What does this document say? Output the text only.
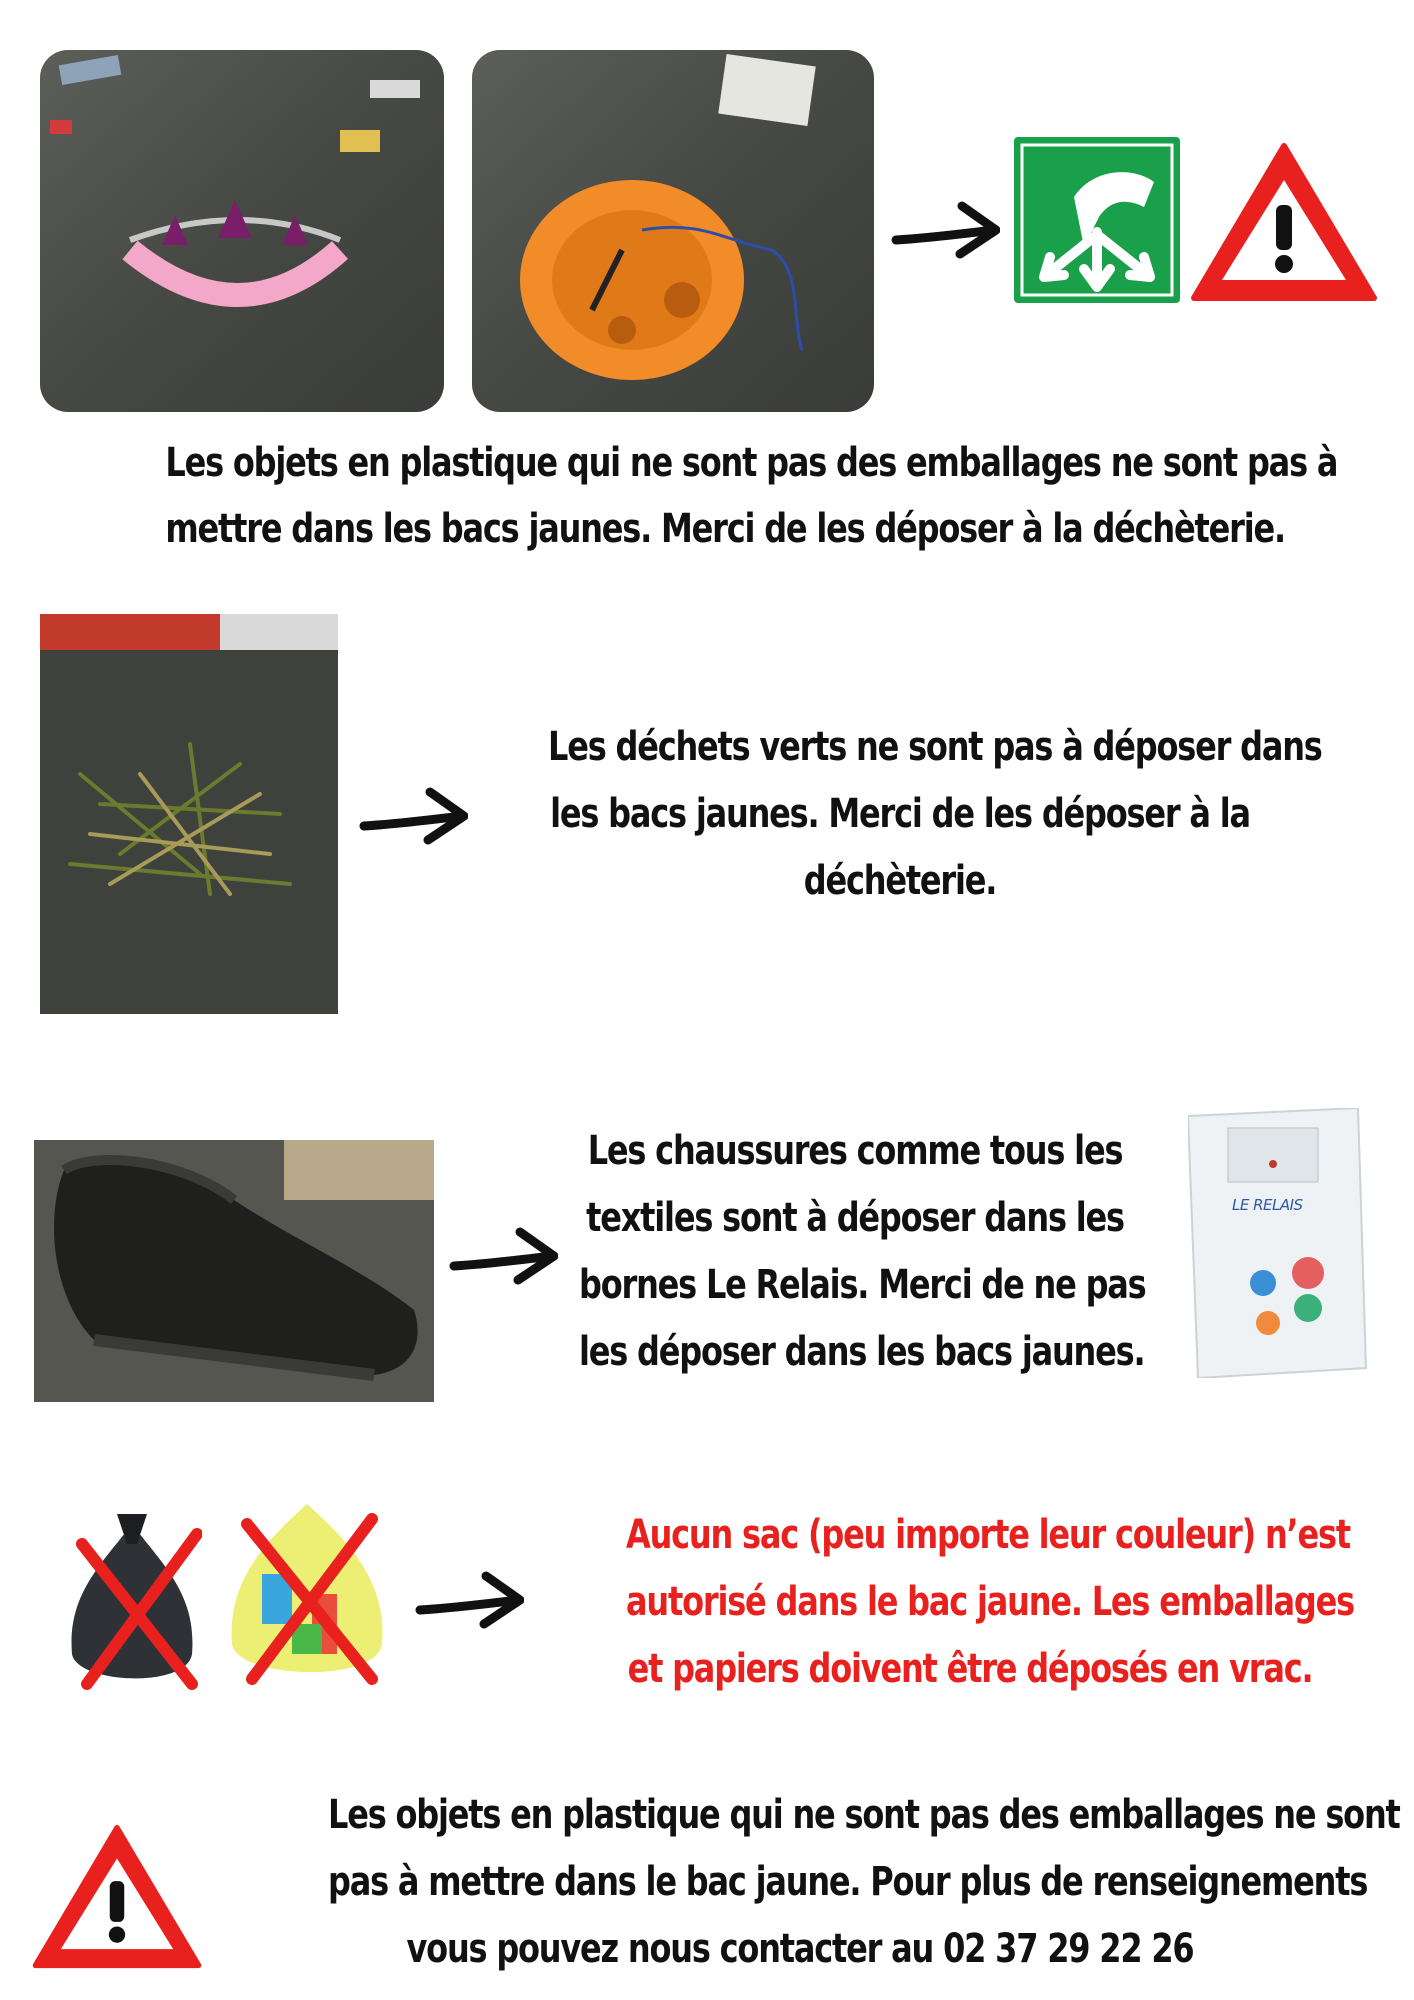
Les objets en plastique qui ne sont pas des emballages ne sont pas à
mettre dans les bacs jaunes. Merci de les déposer à la déchèterie.
Les déchets verts ne sont pas à déposer dans
les bacs jaunes. Merci de les déposer à la
déchèterie.
Les chaussures comme tous les
textiles sont à déposer dans les
bornes Le Relais. Merci de ne pas
les déposer dans les bacs jaunes.
LE RELAIS
Aucun sac (peu importe leur couleur) n’est
autorisé dans le bac jaune. Les emballages
et papiers doivent être déposés en vrac.
Les objets en plastique qui ne sont pas des emballages ne sont
pas à mettre dans le bac jaune. Pour plus de renseignements
vous pouvez nous contacter au 02 37 29 22 26
